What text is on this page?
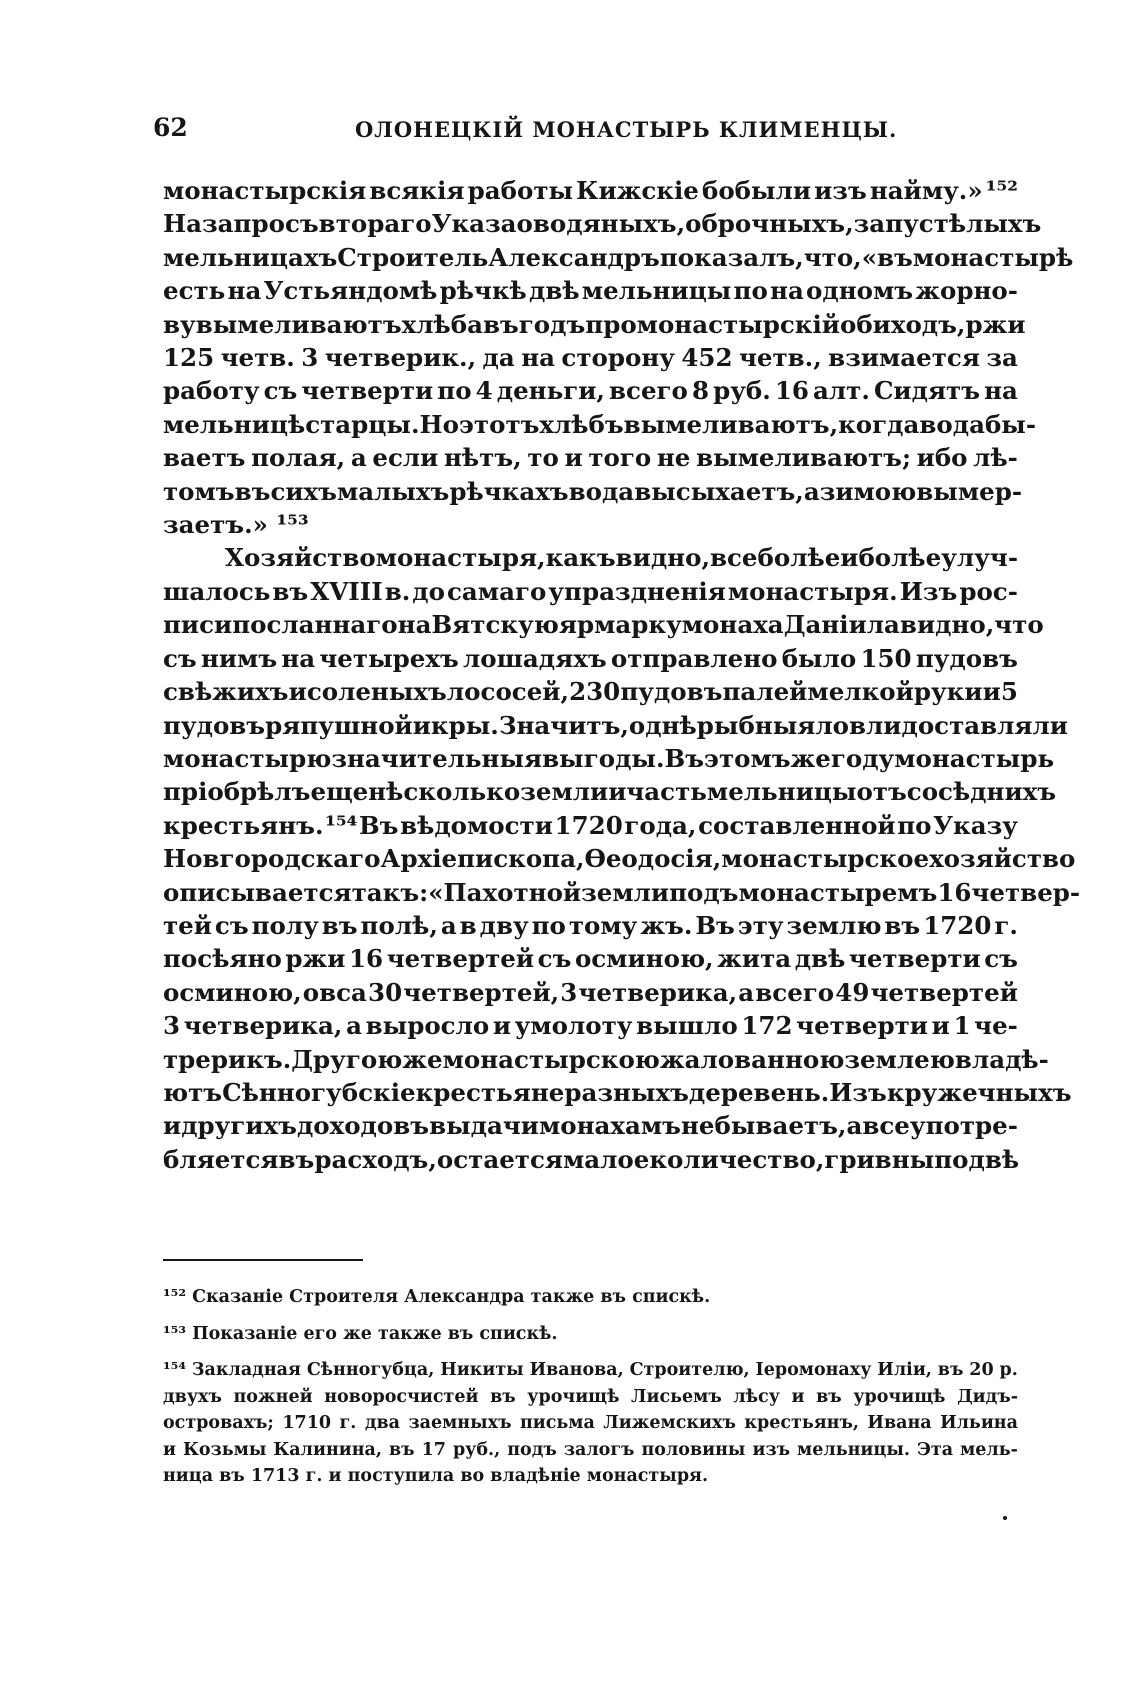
62	ОЛОНЕЦКІЙ МОНАСТЫРЬ КЛИМЕНЦЫ.
монастырскія всякія работы Кижскіе бобыли изъ найму.» ¹⁵²
На запросъ втораго Указа о водяныхъ, оброчныхъ, запустѣлыхъ
мельницахъ Строитель Александръ показалъ, что, «въ монастырѣ
есть на Устьяндомѣ рѣчкѣ двѣ мельницы по на одномъ жорно-
ву вымеливаютъ хлѣба въ годъ про монастырскій обиходъ, ржи
125 четв. 3 четверик., да на сторону 452 четв., взимается за
работу съ четверти по 4 деньги, всего 8 руб. 16 алт. Сидятъ на
мельницѣ старцы. Но этотъ хлѣбъ вымеливаютъ, когда вода бы-
ваетъ полая, а если нѣтъ, то и того не вымеливаютъ; ибо лѣ-
томъ въ сихъ малыхъ рѣчкахъ вода высыхаетъ, а зимою вымер-
заетъ.» ¹⁵³
Хозяйство монастыря, какъ видно, все болѣе и болѣе улуч-
шалось въ XVIII в. до самаго упраздненія монастыря. Изъ рос-
писи посланнаго на Вятскую ярмарку монаха Даніила видно, что
съ нимъ на четырехъ лошадяхъ отправлено было 150 пудовъ
свѣжихъ и соленыхъ лососей, 230 пудовъ палей мелкой руки и 5
пудовъ ряпушной икры. Значитъ, однѣ рыбныя ловли доставляли
монастырю значительныя выгоды. Въ этомъ же году монастырь
пріобрѣлъ еще нѣсколько земли и часть мельницы отъ сосѣднихъ
крестьянъ. ¹⁵⁴ Въ вѣдомости 1720 года, составленной по Указу
Новгородскаго Архіепископа, Ѳеодосія, монастырское хозяйство
описывается такъ: «Пахотной земли подъ монастыремъ 16 четвер-
тей съ полу въ полѣ, а в дву по тому жъ. Въ эту землю въ 1720 г.
посѣяно ржи 16 четвертей съ осминою, жита двѣ четверти съ
осминою, овса 30 четвертей, 3 четверика, а всего 49 четвертей
3 четверика, а выросло и умолоту вышло 172 четверти и 1 че-
трерикъ. Другою же монастырскою жалованною землею владѣ-
ютъ Сѣнногубскіе крестьяне разныхъ деревень. Изъ кружечныхъ
и другихъ доходовъ выдачи монахамъ не бываетъ, а все употре-
бляется въ расходъ, остается малое количество, гривны по двѣ
¹⁵² Сказаніе Строителя Александра также въ спискѣ.
¹⁵³ Показаніе его же также въ спискѣ.
¹⁵⁴ Закладная Сѣнногубца, Никиты Иванова, Строителю, Іеромонаху Иліи, въ 20 р.
двухъ пожней новоросчистей въ урочищѣ Лисьемъ лѣсу и въ урочищѣ Дидъ-
островахъ; 1710 г. два заемныхъ письма Лижемскихъ крестьянъ, Ивана Ильина
и Козьмы Калинина, въ 17 руб., подъ залогъ половины изъ мельницы. Эта мель-
ница въ 1713 г. и поступила во владѣніе монастыря.
